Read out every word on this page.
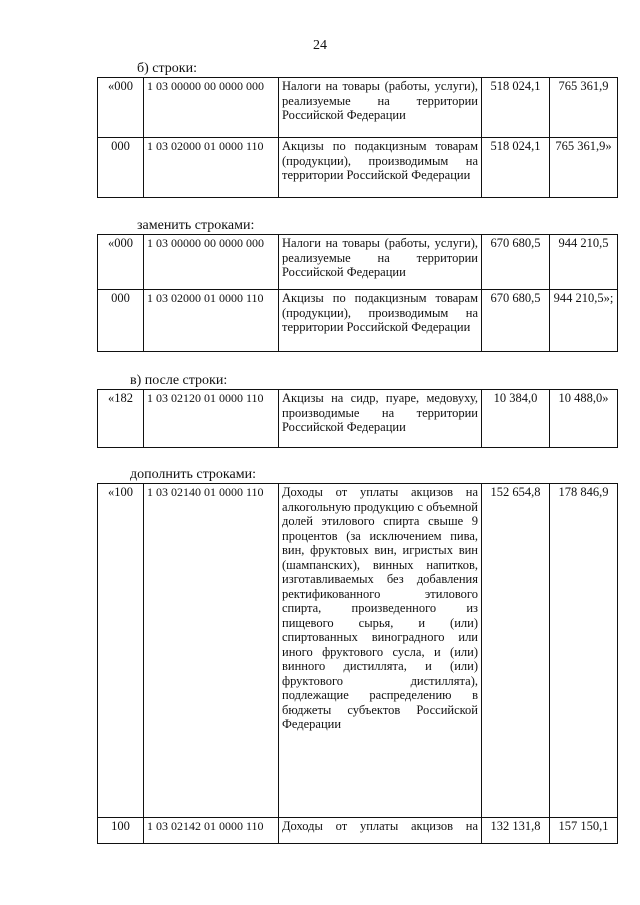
24
б) строки:
«000	1 03 00000 00 0000 000	Налоги на товары (работы, услуги), реализуемые на территории Российской Федерации	518 024,1	765 361,9
000	1 03 02000 01 0000 110	Акцизы по подакцизным товарам (продукции), производимым на территории Российской Федерации	518 024,1	765 361,9»
заменить строками:
«000	1 03 00000 00 0000 000	Налоги на товары (работы, услуги), реализуемые на территории Российской Федерации	670 680,5	944 210,5
000	1 03 02000 01 0000 110	Акцизы по подакцизным товарам (продукции), производимым на территории Российской Федерации	670 680,5	944 210,5»;
в) после строки:
«182	1 03 02120 01 0000 110	Акцизы на сидр, пуаре, медовуху, производимые на территории Российской Федерации	10 384,0	10 488,0»
дополнить строками:
«100	1 03 02140 01 0000 110	Доходы от уплаты акцизов на алкогольную продукцию с объемной долей этилового спирта свыше 9 процентов (за исключением пива, вин, фруктовых вин, игристых вин (шампанских), винных напитков, изготавливаемых без добавления ректификованного этилового спирта, произведенного из пищевого сырья, и (или) спиртованных виноградного или иного фруктового сусла, и (или) винного дистиллята, и (или) фруктового дистиллята), подлежащие распределению в бюджеты субъектов Российской Федерации	152 654,8	178 846,9
100	1 03 02142 01 0000 110	Доходы от уплаты акцизов на	132 131,8	157 150,1
